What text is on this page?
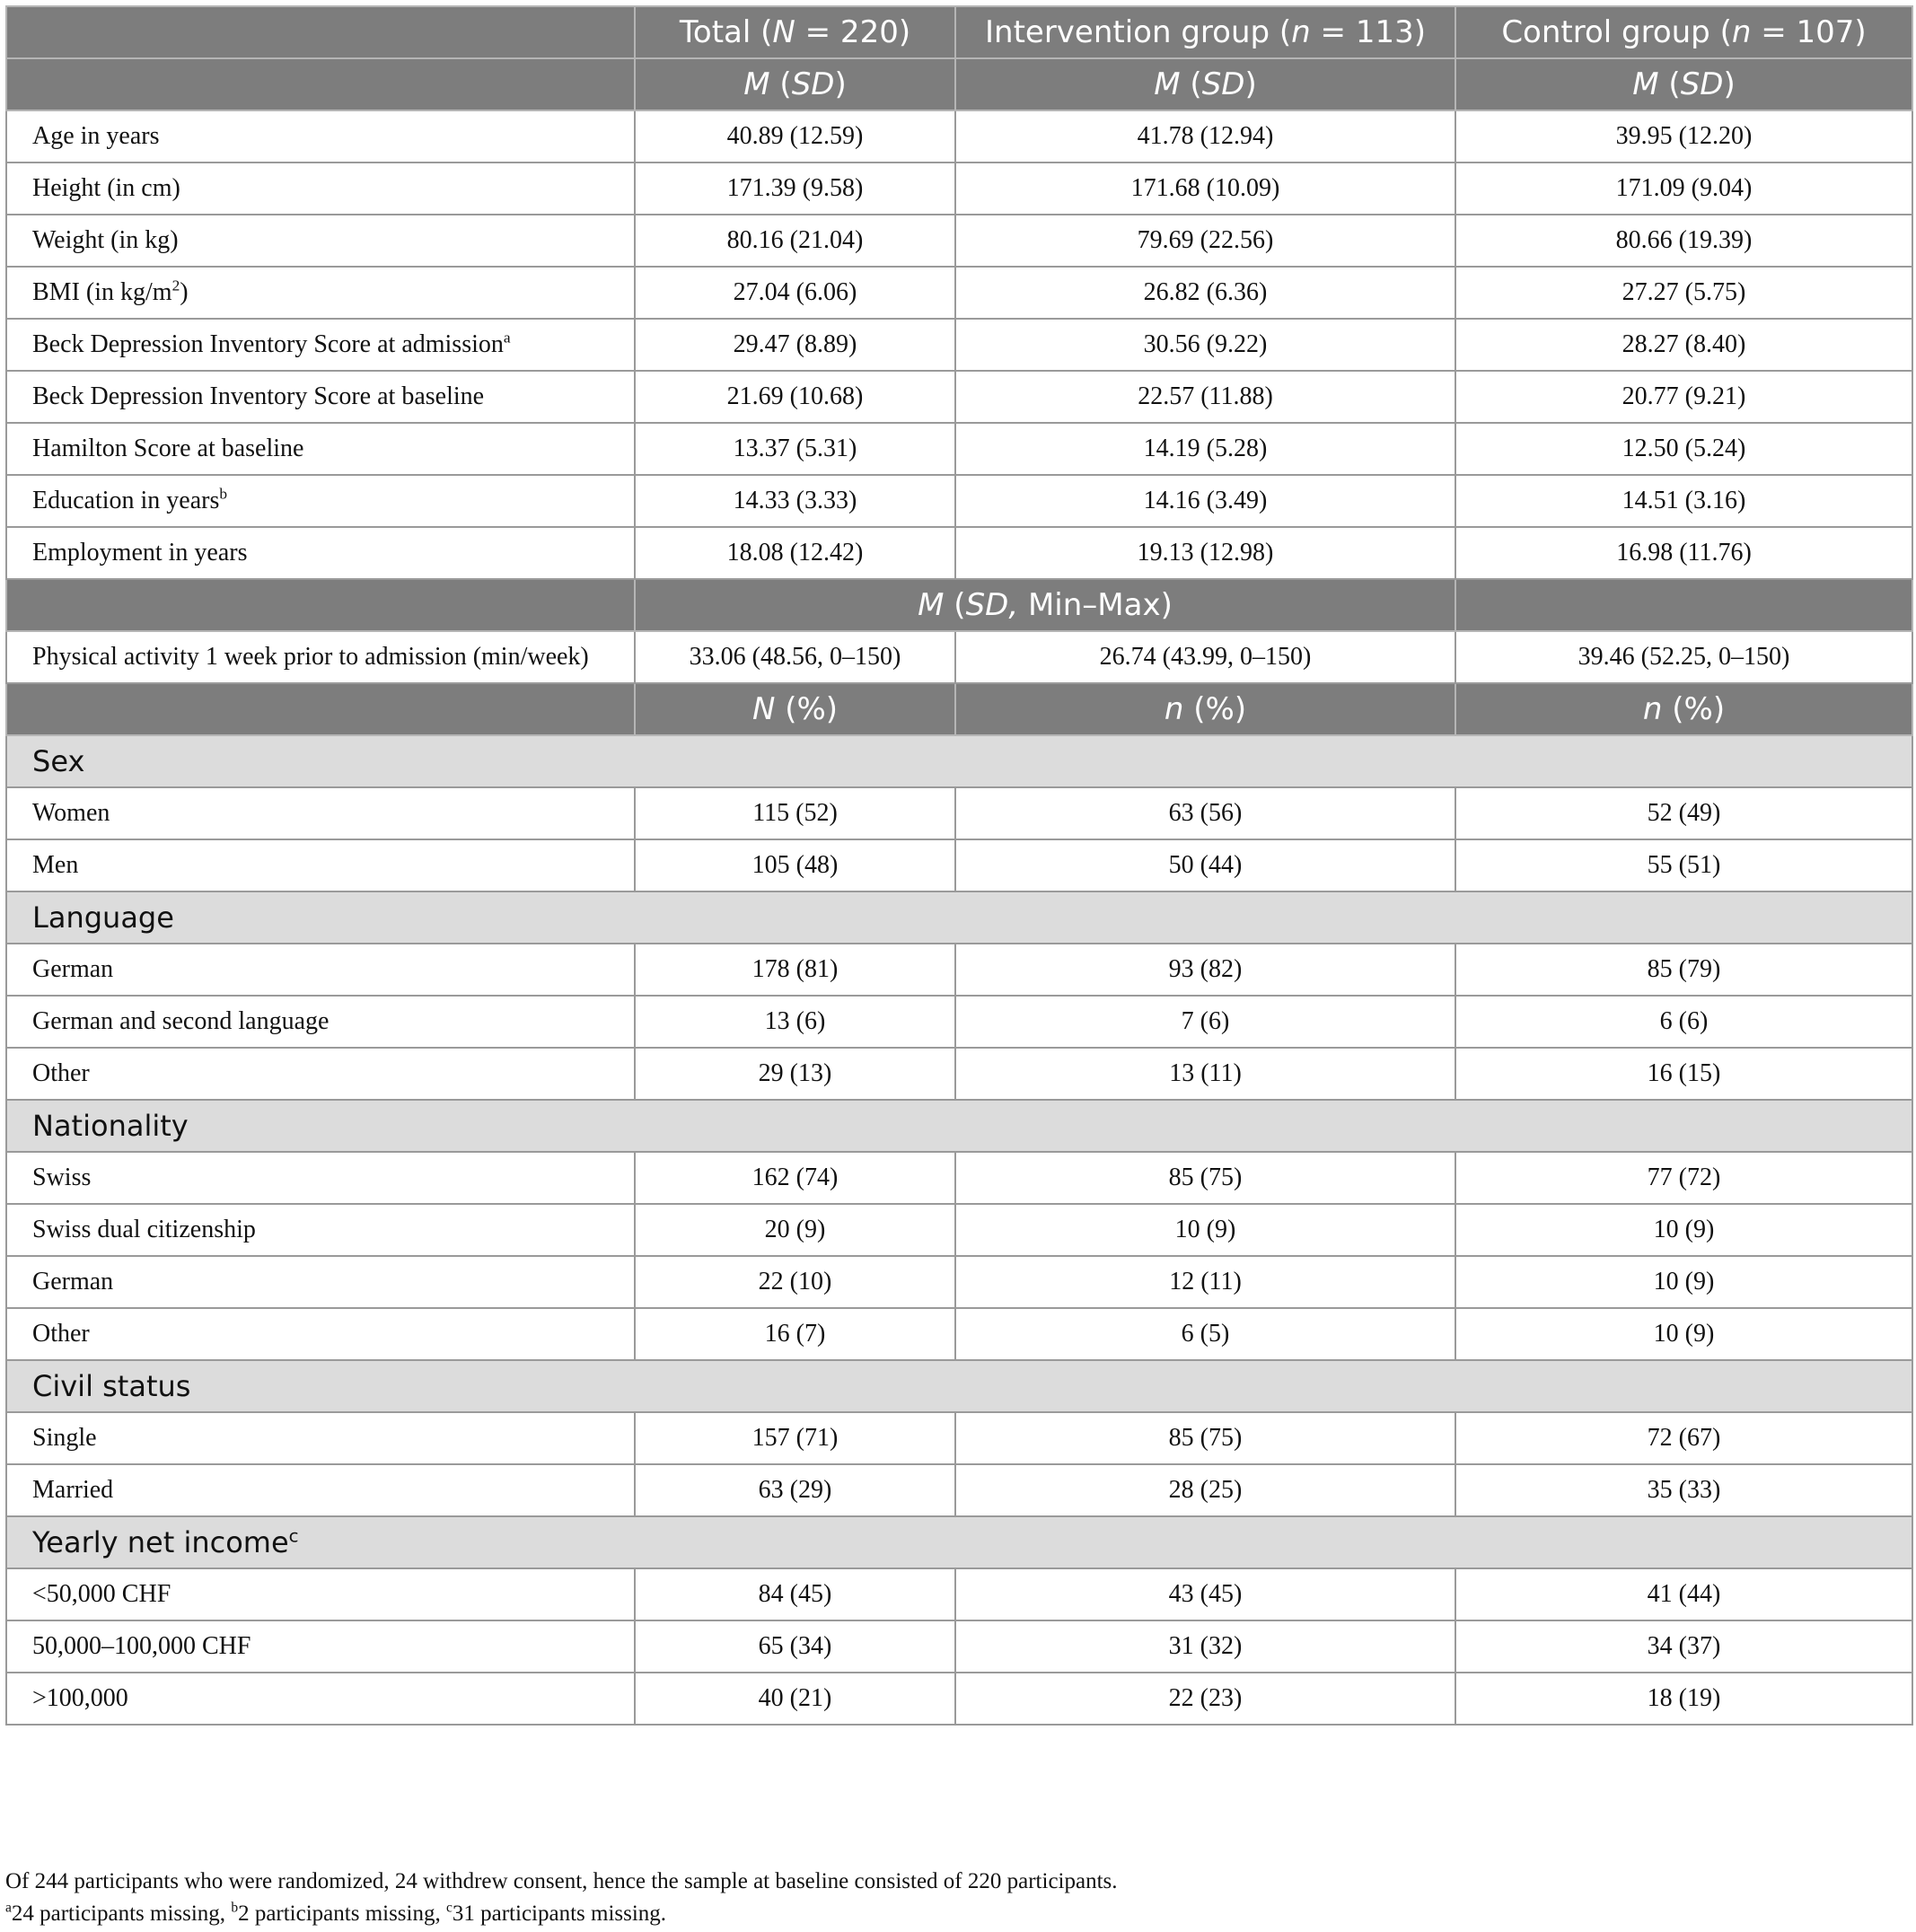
	Total (N = 220)	Intervention group (n = 113)	Control group (n = 107)
	M (SD)	M (SD)	M (SD)
Age in years	40.89 (12.59)	41.78 (12.94)	39.95 (12.20)
Height (in cm)	171.39 (9.58)	171.68 (10.09)	171.09 (9.04)
Weight (in kg)	80.16 (21.04)	79.69 (22.56)	80.66 (19.39)
BMI (in $kg/m^2$)	27.04 (6.06)	26.82 (6.36)	27.27 (5.75)
Beck Depression Inventory Score at admission$^a$	29.47 (8.89)	30.56 (9.22)	28.27 (8.40)
Beck Depression Inventory Score at baseline	21.69 (10.68)	22.57 (11.88)	20.77 (9.21)
Hamilton Score at baseline	13.37 (5.31)	14.19 (5.28)	12.50 (5.24)
Education in years$^b$	14.33 (3.33)	14.16 (3.49)	14.51 (3.16)
Employment in years	18.08 (12.42)	19.13 (12.98)	16.98 (11.76)
	M (SD, Min–Max)		
Physical activity 1 week prior to admission (min/week)	33.06 (48.56, 0–150)	26.74 (43.99, 0–150)	39.46 (52.25, 0–150)
	N (%)	n (%)	n (%)
Sex			
Women	115 (52)	63 (56)	52 (49)
Men	105 (48)	50 (44)	55 (51)
Language			
German	178 (81)	93 (82)	85 (79)
German and second language	13 (6)	7 (6)	6 (6)
Other	29 (13)	13 (11)	16 (15)
Nationality			
Swiss	162 (74)	85 (75)	77 (72)
Swiss dual citizenship	20 (9)	10 (9)	10 (9)
German	22 (10)	12 (11)	10 (9)
Other	16 (7)	6 (5)	10 (9)
Civil status			
Single	157 (71)	85 (75)	72 (67)
Married	63 (29)	28 (25)	35 (33)
Yearly net income$^c$
<50,000 CHF	84 (45)	43 (45)	41 (44)
50,000–100,000 CHF	65 (34)	31 (32)	34 (37)
>100,000	40 (21)	22 (23)	18 (19)
Of 244 participants who were randomized, 24 withdrew consent, hence the sample at baseline consisted of 220 participants.
$^a$24 participants missing, $^b$2 participants missing, $^c$31 participants missing.
